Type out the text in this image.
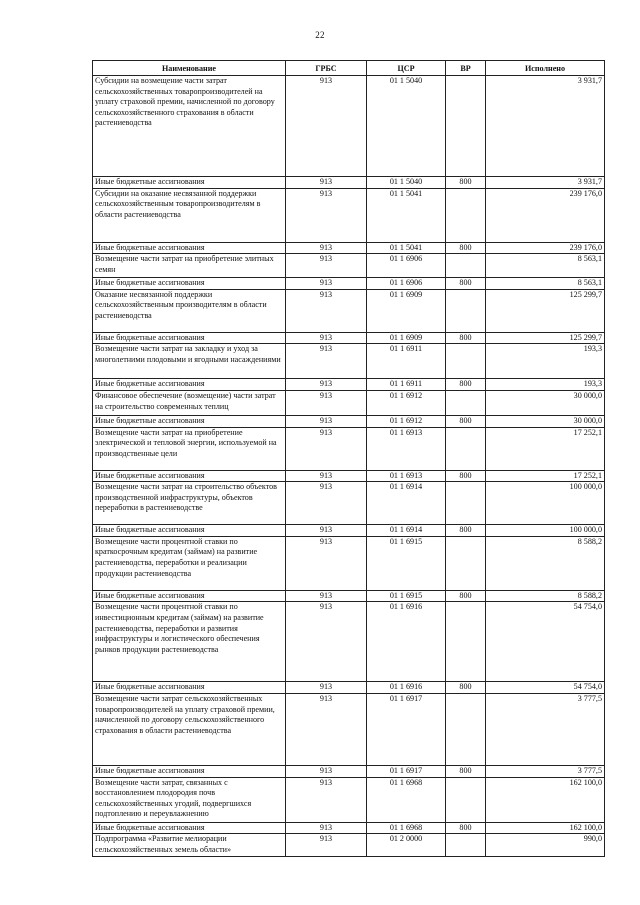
22
Наименование	ГРБС	ЦСР	ВР	Исполнено
Субсидии на возмещение части затрат сельскохозяйственных товаропроизводителей на уплату страховой премии, начисленной по договору сельскохозяйственного страхования в области растениеводства	913	01 1 5040		3 931,7
Иные бюджетные ассигнования	913	01 1 5040	800	3 931,7
Субсидии на оказание несвязанной поддержки сельскохозяйственным товаропроизводителям в области растениеводства	913	01 1 5041		239 176,0
Иные бюджетные ассигнования	913	01 1 5041	800	239 176,0
Возмещение части затрат на приобретение элитных семян	913	01 1 6906		8 563,1
Иные бюджетные ассигнования	913	01 1 6906	800	8 563,1
Оказание несвязанной поддержки сельскохозяйственным производителям в области растениеводства	913	01 1 6909		125 299,7
Иные бюджетные ассигнования	913	01 1 6909	800	125 299,7
Возмещение части затрат на закладку и уход за многолетними плодовыми и ягодными насаждениями	913	01 1 6911		193,3
Иные бюджетные ассигнования	913	01 1 6911	800	193,3
Финансовое обеспечение (возмещение) части затрат на строительство современных теплиц	913	01 1 6912		30 000,0
Иные бюджетные ассигнования	913	01 1 6912	800	30 000,0
Возмещение части затрат на приобретение электрической и тепловой энергии, используемой на производственные цели	913	01 1 6913		17 252,1
Иные бюджетные ассигнования	913	01 1 6913	800	17 252,1
Возмещение части затрат на строительство объектов производственной инфраструктуры, объектов переработки в растениеводстве	913	01 1 6914		100 000,0
Иные бюджетные ассигнования	913	01 1 6914	800	100 000,0
Возмещение части процентной ставки по краткосрочным кредитам (займам) на развитие растениеводства, переработки и реализации продукции растениеводства	913	01 1 6915		8 588,2
Иные бюджетные ассигнования	913	01 1 6915	800	8 588,2
Возмещение части процентной ставки по инвестиционным кредитам (займам) на развитие растениеводства, переработки и развития инфраструктуры и логистического обеспечения рынков продукции растениеводства	913	01 1 6916		54 754,0
Иные бюджетные ассигнования	913	01 1 6916	800	54 754,0
Возмещение части затрат сельскохозяйственных товаропроизводителей на уплату страховой премии, начисленной по договору сельскохозяйственного страхования в области растениеводства	913	01 1 6917		3 777,5
Иные бюджетные ассигнования	913	01 1 6917	800	3 777,5
Возмещение части затрат, связанных с восстановлением плодородия почв сельскохозяйственных угодий, подвергшихся подтоплению и переувлажнению	913	01 1 6968		162 100,0
Иные бюджетные ассигнования	913	01 1 6968	800	162 100,0
Подпрограмма «Развитие мелиорации сельскохозяйственных земель области»	913	01 2 0000		990,0
